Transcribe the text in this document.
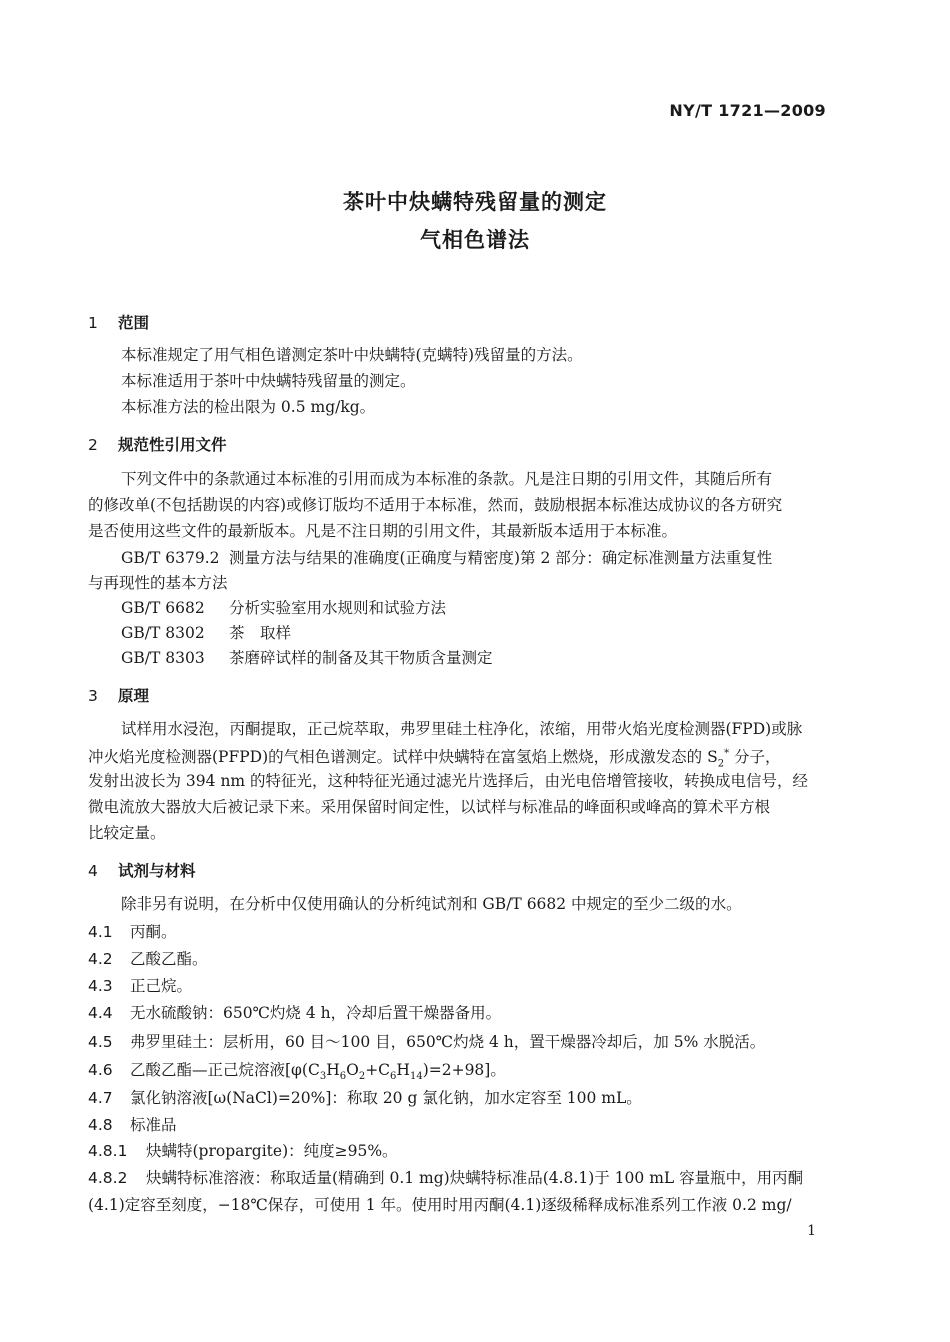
NY/T 1721—2009
茶叶中炔螨特残留量的测定
气相色谱法
1 范围
本标准规定了用气相色谱测定茶叶中炔螨特(克螨特)残留量的方法。
本标准适用于茶叶中炔螨特残留量的测定。
本标准方法的检出限为 0.5 mg/kg。
2 规范性引用文件
下列文件中的条款通过本标准的引用而成为本标准的条款。凡是注日期的引用文件，其随后所有
的修改单(不包括勘误的内容)或修订版均不适用于本标准，然而，鼓励根据本标准达成协议的各方研究
是否使用这些文件的最新版本。凡是不注日期的引用文件，其最新版本适用于本标准。
GB/T 6379.2 测量方法与结果的准确度(正确度与精密度)第 2 部分：确定标准测量方法重复性
与再现性的基本方法
GB/T 6682 分析实验室用水规则和试验方法
GB/T 8302 茶　取样
GB/T 8303 茶磨碎试样的制备及其干物质含量测定
3 原理
试样用水浸泡，丙酮提取，正己烷萃取，弗罗里硅土柱净化，浓缩，用带火焰光度检测器(FPD)或脉
冲火焰光度检测器(PFPD)的气相色谱测定。试样中炔螨特在富氢焰上燃烧，形成激发态的 $S_2^*$ 分子，
发射出波长为 394 nm 的特征光，这种特征光通过滤光片选择后，由光电倍增管接收，转换成电信号，经
微电流放大器放大后被记录下来。采用保留时间定性，以试样与标准品的峰面积或峰高的算术平方根
比较定量。
4 试剂与材料
除非另有说明，在分析中仅使用确认的分析纯试剂和 GB/T 6682 中规定的至少二级的水。
4.1 丙酮。
4.2 乙酸乙酯。
4.3 正己烷。
4.4 无水硫酸钠：650℃灼烧 4 h，冷却后置干燥器备用。
4.5 弗罗里硅土：层析用，60 目～100 目，650℃灼烧 4 h，置干燥器冷却后，加 5% 水脱活。
4.6 乙酸乙酯—正己烷溶液$[\varphi(C_3H_6O_2+C_6H_{14})=2+98]$。
4.7 氯化钠溶液[ω(NaCl)=20%]：称取 20 g 氯化钠，加水定容至 100 mL。
4.8 标准品
4.8.1 炔螨特(propargite)：纯度≥95%。
4.8.2 炔螨特标准溶液：称取适量(精确到 0.1 mg)炔螨特标准品(4.8.1)于 100 mL 容量瓶中，用丙酮
(4.1)定容至刻度，−18℃保存，可使用 1 年。使用时用丙酮(4.1)逐级稀释成标准系列工作液 0.2 mg/
1
